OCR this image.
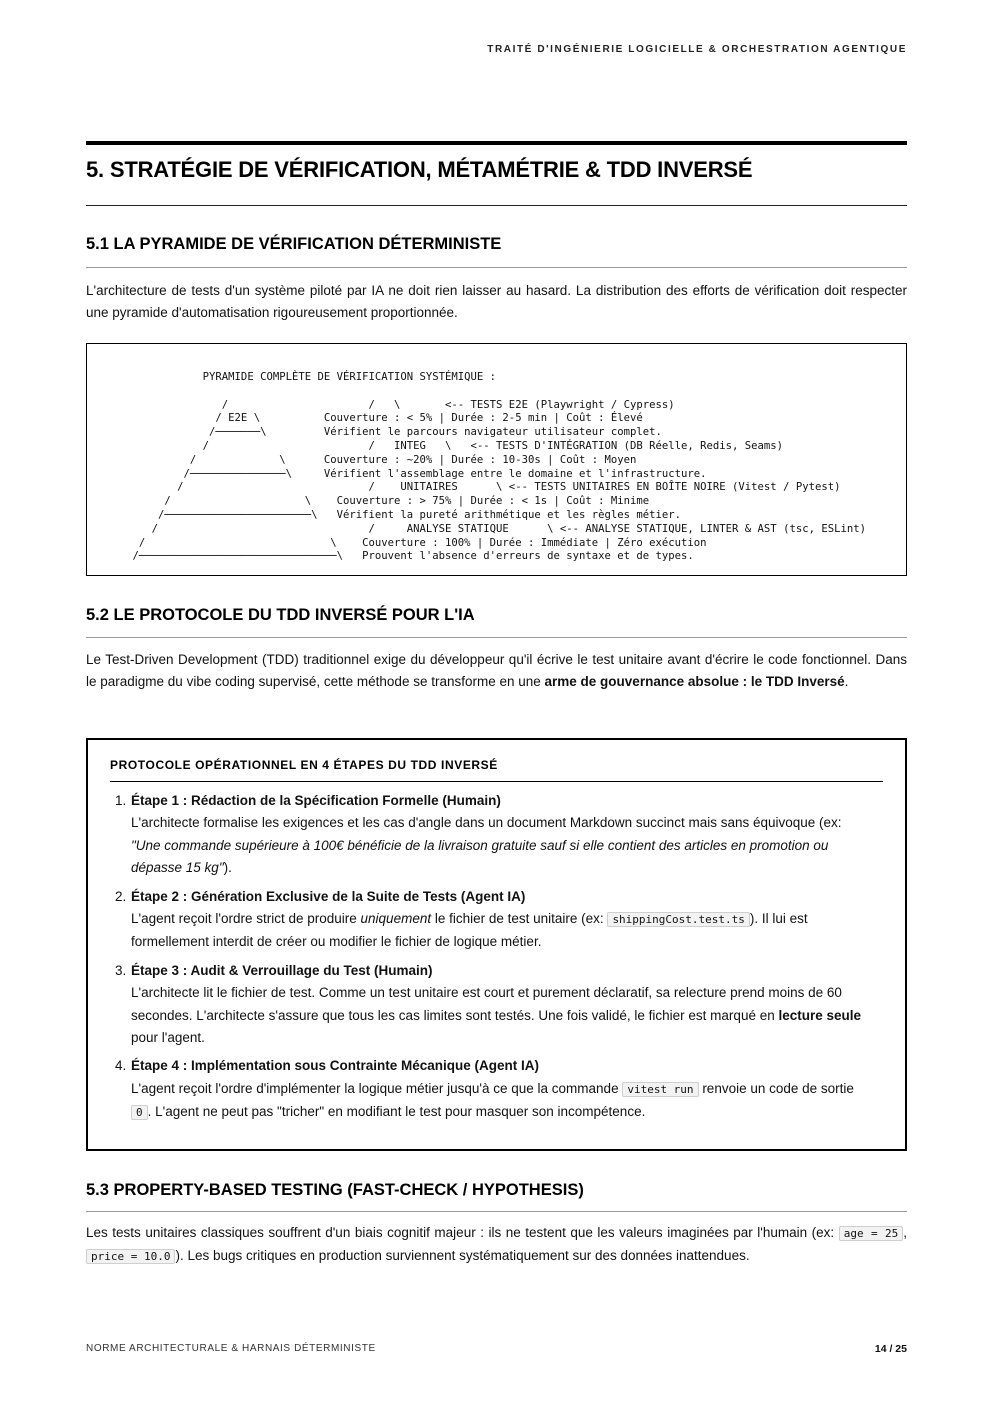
TRAITÉ D'INGÉNIERIE LOGICIELLE & ORCHESTRATION AGENTIQUE
5. STRATÉGIE DE VÉRIFICATION, MÉTAMÉTRIE & TDD INVERSÉ
5.1 LA PYRAMIDE DE VÉRIFICATION DÉTERMINISTE

L'architecture de tests d'un système piloté par IA ne doit rien laisser au hasard. La distribution des efforts de vérification doit respecter une pyramide d'automatisation rigoureusement proportionnée.

PYRAMIDE COMPLÈTE DE VÉRIFICATION SYSTÉMIQUE :

/                      /   \       <-- TESTS E2E (Playwright / Cypress)
/ E2E \          Couverture : < 5% | Durée : 2-5 min | Coût : Élevé
/───────\         Vérifient le parcours navigateur utilisateur complet.
/                         /   INTEG   \   <-- TESTS D'INTÉGRATION (DB Réelle, Redis, Seams)
/             \      Couverture : ~20% | Durée : 10-30s | Coût : Moyen
/───────────────\     Vérifient l'assemblage entre le domaine et l'infrastructure.
/                             /    UNITAIRES      \ <-- TESTS UNITAIRES EN BOÎTE NOIRE (Vitest / Pytest)
/                     \    Couverture : > 75% | Durée : < 1s | Coût : Minime
/───────────────────────\   Vérifient la pureté arithmétique et les règles métier.
/                                 /     ANALYSE STATIQUE      \ <-- ANALYSE STATIQUE, LINTER & AST (tsc, ESLint)
/                             \    Couverture : 100% | Durée : Immédiate | Zéro exécution
/───────────────────────────────\   Prouvent l'absence d'erreurs de syntaxe et de types.
5.2 LE PROTOCOLE DU TDD INVERSÉ POUR L'IA

Le Test-Driven Development (TDD) traditionnel exige du développeur qu'il écrive le test unitaire avant d'écrire le code fonctionnel. Dans le paradigme du vibe coding supervisé, cette méthode se transforme en une arme de gouvernance absolue : le TDD Inversé.

PROTOCOLE OPÉRATIONNEL EN 4 ÉTAPES DU TDD INVERSÉ
1. Étape 1 : Rédaction de la Spécification Formelle (Humain)
L'architecte formalise les exigences et les cas d'angle dans un document Markdown succinct mais sans équivoque (ex: "Une commande supérieure à 100€ bénéficie de la livraison gratuite sauf si elle contient des articles en promotion ou dépasse 15 kg").
2. Étape 2 : Génération Exclusive de la Suite de Tests (Agent IA)
L'agent reçoit l'ordre strict de produire uniquement le fichier de test unitaire (ex: shippingCost.test.ts ). Il lui est formellement interdit de créer ou modifier le fichier de logique métier.
3. Étape 3 : Audit & Verrouillage du Test (Humain)
L'architecte lit le fichier de test. Comme un test unitaire est court et purement déclaratif, sa relecture prend moins de 60 secondes. L'architecte s'assure que tous les cas limites sont testés. Une fois validé, le fichier est marqué en lecture seule pour l'agent.
4. Étape 4 : Implémentation sous Contrainte Mécanique (Agent IA)
L'agent reçoit l'ordre d'implémenter la logique métier jusqu'à ce que la commande vitest run renvoie un code de sortie 0 . L'agent ne peut pas "tricher" en modifiant le test pour masquer son incompétence.
5.3 PROPERTY-BASED TESTING (FAST-CHECK / HYPOTHESIS)

Les tests unitaires classiques souffrent d'un biais cognitif majeur : ils ne testent que les valeurs imaginées par l'humain (ex: age = 25 , price = 10.0 ). Les bugs critiques en production surviennent systématiquement sur des données inattendues.

NORME ARCHITECTURALE & HARNAIS DÉTERMINISTE	14 / 25
